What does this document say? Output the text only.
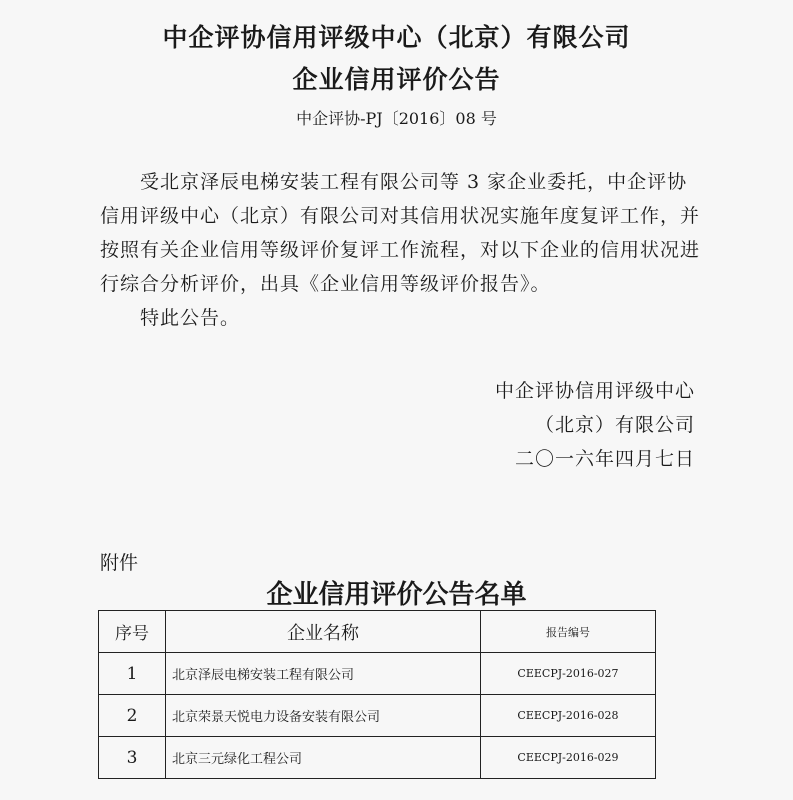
中企评协信用评级中心（北京）有限公司
企业信用评价公告
中企评协-PJ〔2016〕08 号

受北京泽辰电梯安装工程有限公司等 3 家企业委托，中企评协信用评级中心（北京）有限公司对其信用状况实施年度复评工作，并按照有关企业信用等级评价复评工作流程，对以下企业的信用状况进行综合分析评价，出具《企业信用等级评价报告》。

特此公告。

中企评协信用评级中心
（北京）有限公司
二〇一六年四月七日
附件
企业信用评价公告名单
序号	企业名称	报告编号
1	北京泽辰电梯安装工程有限公司	CEECPJ-2016-027
2	北京荣景天悦电力设备安装有限公司	CEECPJ-2016-028
3	北京三元绿化工程公司	CEECPJ-2016-029
